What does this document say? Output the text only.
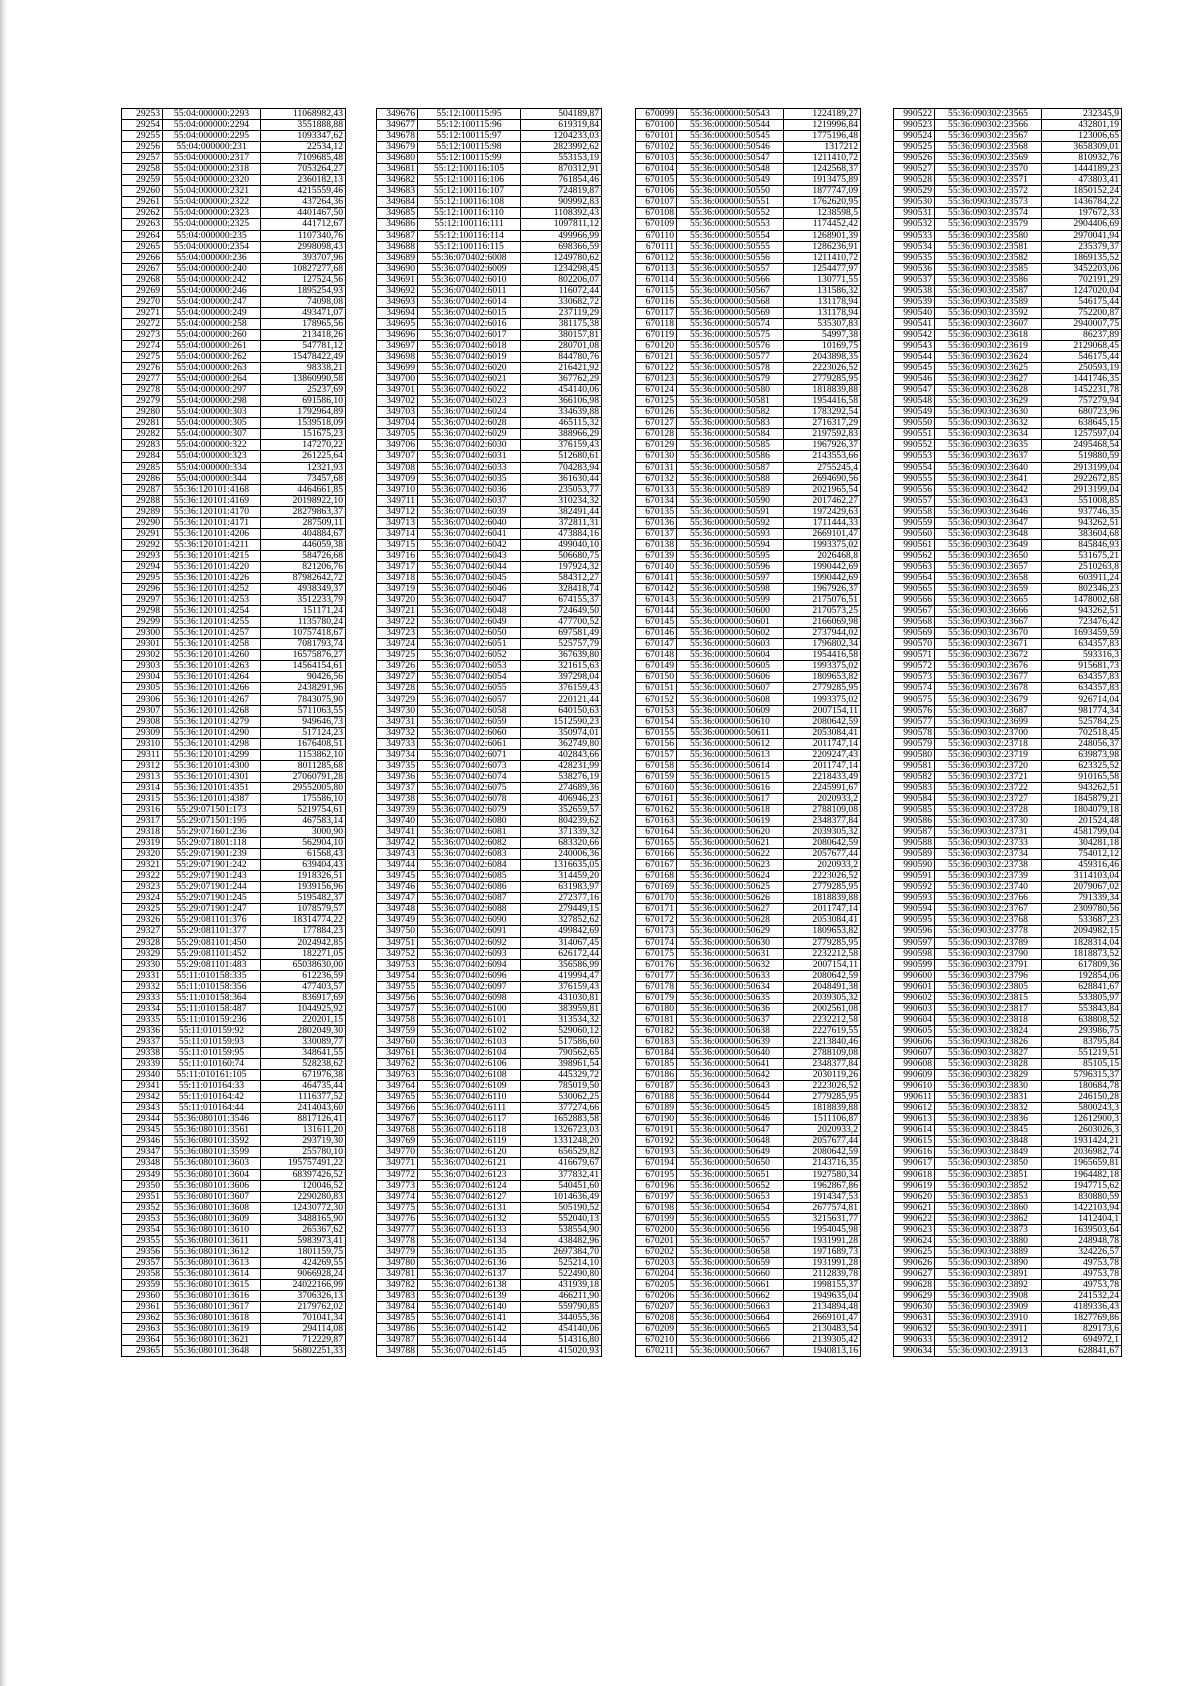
29253	55:04:000000:2293	11068982,43
29254	55:04:000000:2294	3551888,88
29255	55:04:000000:2295	1093347,62
29256	55:04:000000:231	22534,12
29257	55:04:000000:2317	7109685,48
29258	55:04:000000:2318	7053264,27
29259	55:04:000000:2320	2360182,13
29260	55:04:000000:2321	4215559,46
29261	55:04:000000:2322	437264,36
29262	55:04:000000:2323	4401467,50
29263	55:04:000000:2325	441712,67
29264	55:04:000000:235	1107340,76
29265	55:04:000000:2354	2998098,43
29266	55:04:000000:236	393707,96
29267	55:04:000000:240	10827277,68
29268	55:04:000000:242	127524,56
29269	55:04:000000:246	1895254,93
29270	55:04:000000:247	74098,08
29271	55:04:000000:249	493471,07
29272	55:04:000000:258	178965,56
29273	55:04:000000:260	213418,26
29274	55:04:000000:261	547781,12
29275	55:04:000000:262	15478422,49
29276	55:04:000000:263	98338,21
29277	55:04:000000:264	13860990,58
29278	55:04:000000:297	25237,69
29279	55:04:000000:298	691586,10
29280	55:04:000000:303	1792964,89
29281	55:04:000000:305	1539518,09
29282	55:04:000000:307	151675,23
29283	55:04:000000:322	147270,22
29284	55:04:000000:323	261225,64
29285	55:04:000000:334	12321,93
29286	55:04:000000:344	73457,68
29287	55:36:120101:4168	4464661,85
29288	55:36:120101:4169	20198922,10
29289	55:36:120101:4170	28279863,37
29290	55:36:120101:4171	287509,11
29291	55:36:120101:4206	404884,67
29292	55:36:120101:4211	446059,38
29293	55:36:120101:4215	584726,68
29294	55:36:120101:4220	821206,76
29295	55:36:120101:4226	87982642,72
29296	55:36:120101:4252	4938349,37
29297	55:36:120101:4253	3512233,79
29298	55:36:120101:4254	151171,24
29299	55:36:120101:4255	1135780,24
29300	55:36:120101:4257	10757418,67
29301	55:36:120101:4258	7081793,74
29302	55:36:120101:4260	16575876,27
29303	55:36:120101:4263	14564154,61
29304	55:36:120101:4264	90426,56
29305	55:36:120101:4266	2438291,96
29306	55:36:120101:4267	7843075,90
29307	55:36:120101:4268	5711063,55
29308	55:36:120101:4279	949646,73
29309	55:36:120101:4290	517124,23
29310	55:36:120101:4298	1676408,51
29311	55:36:120101:4299	1153862,10
29312	55:36:120101:4300	8011285,68
29313	55:36:120101:4301	27060791,28
29314	55:36:120101:4351	29552005,80
29315	55:36:120101:4387	175586,10
29316	55:29:071501:173	5219754,61
29317	55:29:071501:195	467583,14
29318	55:29:071601:236	3000,90
29319	55:29:071801:118	562904,10
29320	55:29:071901:239	61568,43
29321	55:29:071901:242	639404,43
29322	55:29:071901:243	1918326,51
29323	55:29:071901:244	1939156,96
29324	55:29:071901:245	5195482,37
29325	55:29:071901:247	1078579,57
29326	55:29:081101:376	18314774,22
29327	55:29:081101:377	177884,23
29328	55:29:081101:450	2024942,85
29329	55:29:081101:452	182271,05
29330	55:29:081101:483	65038630,00
29331	55:11:010158:335	612236,59
29332	55:11:010158:356	477403,57
29333	55:11:010158:364	836917,69
29334	55:11:010158:487	1044925,92
29335	55:11:010159:236	220201,15
29336	55:11:010159:92	2802049,30
29337	55:11:010159:93	330089,77
29338	55:11:010159:95	348641,55
29339	55:11:010160:74	528238,62
29340	55:11:010161:105	671976,38
29341	55:11:010164:33	464735,44
29342	55:11:010164:42	1116377,52
29343	55:11:010164:44	2414043,60
29344	55:36:080101:3546	8817126,41
29345	55:36:080101:3561	131611,20
29346	55:36:080101:3592	293719,30
29347	55:36:080101:3599	255780,10
29348	55:36:080101:3603	195757491,22
29349	55:36:080101:3604	68397426,52
29350	55:36:080101:3606	120046,52
29351	55:36:080101:3607	2290280,83
29352	55:36:080101:3608	12430772,30
29353	55:36:080101:3609	3488165,90
29354	55:36:080101:3610	265367,62
29355	55:36:080101:3611	5983973,41
29356	55:36:080101:3612	1801159,75
29357	55:36:080101:3613	424269,55
29358	55:36:080101:3614	9066928,24
29359	55:36:080101:3615	24022166,99
29360	55:36:080101:3616	3706326,13
29361	55:36:080101:3617	2179762,02
29362	55:36:080101:3618	701041,34
29363	55:36:080101:3619	294114,08
29364	55:36:080101:3621	712229,87
29365	55:36:080101:3648	56802251,33
349676	55:12:100115:95	504189,87
349677	55:12:100115:96	619319,84
349678	55:12:100115:97	1204233,03
349679	55:12:100115:98	2823992,62
349680	55:12:100115:99	553153,19
349681	55:12:100116:105	870312,91
349682	55:12:100116:106	761854,46
349683	55:12:100116:107	724819,87
349684	55:12:100116:108	909992,83
349685	55:12:100116:110	1108392,43
349686	55:12:100116:111	1097811,12
349687	55:12:100116:114	499966,99
349688	55:12:100116:115	698366,59
349689	55:36:070402:6008	1249780,62
349690	55:36:070402:6009	1234298,45
349691	55:36:070402:6010	802206,07
349692	55:36:070402:6011	116072,44
349693	55:36:070402:6014	330682,72
349694	55:36:070402:6015	237119,29
349695	55:36:070402:6016	381175,38
349696	55:36:070402:6017	380157,81
349697	55:36:070402:6018	280701,08
349698	55:36:070402:6019	844780,76
349699	55:36:070402:6020	216421,92
349700	55:36:070402:6021	367762,29
349701	55:36:070402:6022	454140,06
349702	55:36:070402:6023	366106,98
349703	55:36:070402:6024	334639,88
349704	55:36:070402:6028	465115,32
349705	55:36:070402:6029	388966,29
349706	55:36:070402:6030	376159,43
349707	55:36:070402:6031	512680,61
349708	55:36:070402:6033	704283,94
349709	55:36:070402:6035	361630,44
349710	55:36:070402:6036	235053,77
349711	55:36:070402:6037	310234,32
349712	55:36:070402:6039	382491,44
349713	55:36:070402:6040	372811,31
349714	55:36:070402:6041	473884,16
349715	55:36:070402:6042	499040,10
349716	55:36:070402:6043	506680,75
349717	55:36:070402:6044	197924,32
349718	55:36:070402:6045	584312,27
349719	55:36:070402:6046	328418,74
349720	55:36:070402:6047	674155,37
349721	55:36:070402:6048	724649,50
349722	55:36:070402:6049	477700,52
349723	55:36:070402:6050	697581,49
349724	55:36:070402:6051	525757,79
349725	55:36:070402:6052	367639,80
349726	55:36:070402:6053	321615,63
349727	55:36:070402:6054	397298,04
349728	55:36:070402:6055	376159,43
349729	55:36:070402:6057	220121,44
349730	55:36:070402:6058	640150,63
349731	55:36:070402:6059	1512590,23
349732	55:36:070402:6060	350974,01
349733	55:36:070402:6061	362749,80
349734	55:36:070402:6071	402843,66
349735	55:36:070402:6073	428231,99
349736	55:36:070402:6074	538276,19
349737	55:36:070402:6075	274689,36
349738	55:36:070402:6078	406946,23
349739	55:36:070402:6079	352659,57
349740	55:36:070402:6080	804239,62
349741	55:36:070402:6081	371339,32
349742	55:36:070402:6082	683320,66
349743	55:36:070402:6083	240006,36
349744	55:36:070402:6084	1316635,05
349745	55:36:070402:6085	314459,20
349746	55:36:070402:6086	631983,97
349747	55:36:070402:6087	272377,16
349748	55:36:070402:6088	279449,15
349749	55:36:070402:6090	327852,62
349750	55:36:070402:6091	499842,69
349751	55:36:070402:6092	314067,45
349752	55:36:070402:6093	626172,44
349753	55:36:070402:6094	356586,99
349754	55:36:070402:6096	419994,47
349755	55:36:070402:6097	376159,43
349756	55:36:070402:6098	431030,81
349757	55:36:070402:6100	383959,81
349758	55:36:070402:6101	313534,32
349759	55:36:070402:6102	529060,12
349760	55:36:070402:6103	517586,60
349761	55:36:070402:6104	790562,65
349762	55:36:070402:6106	398961,54
349763	55:36:070402:6108	445329,72
349764	55:36:070402:6109	785019,50
349765	55:36:070402:6110	530062,25
349766	55:36:070402:6111	377274,66
349767	55:36:070402:6117	1652883,58
349768	55:36:070402:6118	1326723,03
349769	55:36:070402:6119	1331248,20
349770	55:36:070402:6120	656529,82
349771	55:36:070402:6121	416679,67
349772	55:36:070402:6123	377832,41
349773	55:36:070402:6124	540451,60
349774	55:36:070402:6127	1014636,49
349775	55:36:070402:6131	505190,52
349776	55:36:070402:6132	552040,13
349777	55:36:070402:6133	538554,90
349778	55:36:070402:6134	438482,96
349779	55:36:070402:6135	2697384,70
349780	55:36:070402:6136	525214,10
349781	55:36:070402:6137	522490,80
349782	55:36:070402:6138	431939,18
349783	55:36:070402:6139	466211,90
349784	55:36:070402:6140	559790,85
349785	55:36:070402:6141	344055,36
349786	55:36:070402:6142	454140,06
349787	55:36:070402:6144	514316,80
349788	55:36:070402:6145	415020,93
670099	55:36:000000:50543	1224189,27
670100	55:36:000000:50544	1219996,84
670101	55:36:000000:50545	1775196,48
670102	55:36:000000:50546	1317212
670103	55:36:000000:50547	1211410,72
670104	55:36:000000:50548	1242568,37
670105	55:36:000000:50549	1913475,89
670106	55:36:000000:50550	1877747,09
670107	55:36:000000:50551	1762620,95
670108	55:36:000000:50552	1238598,5
670109	55:36:000000:50553	1174452,42
670110	55:36:000000:50554	1268901,39
670111	55:36:000000:50555	1286236,91
670112	55:36:000000:50556	1211410,72
670113	55:36:000000:50557	1254477,97
670114	55:36:000000:50566	130771,55
670115	55:36:000000:50567	131586,32
670116	55:36:000000:50568	131178,94
670117	55:36:000000:50569	131178,94
670118	55:36:000000:50574	535307,83
670119	55:36:000000:50575	54997,38
670120	55:36:000000:50576	10169,75
670121	55:36:000000:50577	2043898,35
670122	55:36:000000:50578	2223026,52
670123	55:36:000000:50579	2779285,95
670124	55:36:000000:50580	1818839,88
670125	55:36:000000:50581	1954416,58
670126	55:36:000000:50582	1783292,54
670127	55:36:000000:50583	2716317,29
670128	55:36:000000:50584	2197592,83
670129	55:36:000000:50585	1967926,37
670130	55:36:000000:50586	2143553,66
670131	55:36:000000:50587	2755245,4
670132	55:36:000000:50588	2694690,56
670133	55:36:000000:50589	2021965,54
670134	55:36:000000:50590	2017462,27
670135	55:36:000000:50591	1972429,63
670136	55:36:000000:50592	1711444,33
670137	55:36:000000:50593	2669101,47
670138	55:36:000000:50594	1993375,02
670139	55:36:000000:50595	2026468,8
670140	55:36:000000:50596	1990442,69
670141	55:36:000000:50597	1990442,69
670142	55:36:000000:50598	1967926,37
670143	55:36:000000:50599	2175076,51
670144	55:36:000000:50600	2170573,25
670145	55:36:000000:50601	2166069,98
670146	55:36:000000:50602	2737944,02
670147	55:36:000000:50603	1796802,34
670148	55:36:000000:50604	1954416,58
670149	55:36:000000:50605	1993375,02
670150	55:36:000000:50606	1809653,82
670151	55:36:000000:50607	2779285,95
670152	55:36:000000:50608	1993375,02
670153	55:36:000000:50609	2007154,11
670154	55:36:000000:50610	2080642,59
670155	55:36:000000:50611	2053084,41
670156	55:36:000000:50612	2011747,14
670157	55:36:000000:50613	2209247,43
670158	55:36:000000:50614	2011747,14
670159	55:36:000000:50615	2218433,49
670160	55:36:000000:50616	2245991,67
670161	55:36:000000:50617	2020933,2
670162	55:36:000000:50618	2788109,08
670163	55:36:000000:50619	2348377,84
670164	55:36:000000:50620	2039305,32
670165	55:36:000000:50621	2080642,59
670166	55:36:000000:50622	2057677,44
670167	55:36:000000:50623	2020933,2
670168	55:36:000000:50624	2223026,52
670169	55:36:000000:50625	2779285,95
670170	55:36:000000:50626	1818839,88
670171	55:36:000000:50627	2011747,14
670172	55:36:000000:50628	2053084,41
670173	55:36:000000:50629	1809653,82
670174	55:36:000000:50630	2779285,95
670175	55:36:000000:50631	2232212,58
670176	55:36:000000:50632	2007154,11
670177	55:36:000000:50633	2080642,59
670178	55:36:000000:50634	2048491,38
670179	55:36:000000:50635	2039305,32
670180	55:36:000000:50636	2002561,08
670181	55:36:000000:50637	2232212,58
670182	55:36:000000:50638	2227619,55
670183	55:36:000000:50639	2213840,46
670184	55:36:000000:50640	2788109,08
670185	55:36:000000:50641	2348377,84
670186	55:36:000000:50642	2030119,26
670187	55:36:000000:50643	2223026,52
670188	55:36:000000:50644	2779285,95
670189	55:36:000000:50645	1818839,88
670190	55:36:000000:50646	1511106,87
670191	55:36:000000:50647	2020933,2
670192	55:36:000000:50648	2057677,44
670193	55:36:000000:50649	2080642,59
670194	55:36:000000:50650	2143716,35
670195	55:36:000000:50651	1927580,34
670196	55:36:000000:50652	1962867,86
670197	55:36:000000:50653	1914347,53
670198	55:36:000000:50654	2677574,81
670199	55:36:000000:50655	3215631,77
670200	55:36:000000:50656	1954045,98
670201	55:36:000000:50657	1931991,28
670202	55:36:000000:50658	1971689,73
670203	55:36:000000:50659	1931991,28
670204	55:36:000000:50660	2112839,78
670205	55:36:000000:50661	1998155,37
670206	55:36:000000:50662	1949635,04
670207	55:36:000000:50663	2134894,48
670208	55:36:000000:50664	2669101,47
670209	55:36:000000:50665	2130483,54
670210	55:36:000000:50666	2139305,42
670211	55:36:000000:50667	1940813,16
990522	55:36:090302:23565	232345,9
990523	55:36:090302:23566	432801,19
990524	55:36:090302:23567	123006,65
990525	55:36:090302:23568	3658309,01
990526	55:36:090302:23569	810932,76
990527	55:36:090302:23570	1444189,23
990528	55:36:090302:23571	473803,41
990529	55:36:090302:23572	1850152,24
990530	55:36:090302:23573	1436784,22
990531	55:36:090302:23574	197672,33
990532	55:36:090302:23579	2904406,69
990533	55:36:090302:23580	2970041,94
990534	55:36:090302:23581	235379,37
990535	55:36:090302:23582	1869135,52
990536	55:36:090302:23585	3452203,06
990537	55:36:090302:23586	702191,29
990538	55:36:090302:23587	1247020,04
990539	55:36:090302:23589	546175,44
990540	55:36:090302:23592	752200,87
990541	55:36:090302:23607	2940007,75
990542	55:36:090302:23618	86237,89
990543	55:36:090302:23619	2129068,45
990544	55:36:090302:23624	546175,44
990545	55:36:090302:23625	250593,19
990546	55:36:090302:23627	1441746,35
990547	55:36:090302:23628	1452231,78
990548	55:36:090302:23629	757279,94
990549	55:36:090302:23630	680723,96
990550	55:36:090302:23632	638645,15
990551	55:36:090302:23634	1257597,04
990552	55:36:090302:23635	2495468,54
990553	55:36:090302:23637	519880,59
990554	55:36:090302:23640	2913199,04
990555	55:36:090302:23641	2922672,85
990556	55:36:090302:23642	2913199,04
990557	55:36:090302:23643	551008,85
990558	55:36:090302:23646	937746,35
990559	55:36:090302:23647	943262,51
990560	55:36:090302:23648	383604,68
990561	55:36:090302:23649	845846,93
990562	55:36:090302:23650	531675,21
990563	55:36:090302:23657	2510263,8
990564	55:36:090302:23658	603911,24
990565	55:36:090302:23659	802346,23
990566	55:36:090302:23665	1478002,68
990567	55:36:090302:23666	943262,51
990568	55:36:090302:23667	723476,42
990569	55:36:090302:23670	1693459,59
990570	55:36:090302:23671	634357,83
990571	55:36:090302:23672	593316,3
990572	55:36:090302:23676	915681,73
990573	55:36:090302:23677	634357,83
990574	55:36:090302:23678	634357,83
990575	55:36:090302:23679	926714,04
990576	55:36:090302:23687	981774,34
990577	55:36:090302:23699	525784,25
990578	55:36:090302:23700	702518,45
990579	55:36:090302:23718	248056,37
990580	55:36:090302:23719	639873,98
990581	55:36:090302:23720	623325,52
990582	55:36:090302:23721	910165,58
990583	55:36:090302:23722	943262,51
990584	55:36:090302:23727	1845879,21
990585	55:36:090302:23728	1804079,18
990586	55:36:090302:23730	201524,48
990587	55:36:090302:23731	4581799,04
990588	55:36:090302:23733	304281,18
990589	55:36:090302:23734	754012,12
990590	55:36:090302:23738	459316,46
990591	55:36:090302:23739	3114103,04
990592	55:36:090302:23740	2079067,02
990593	55:36:090302:23766	791339,34
990594	55:36:090302:23767	2309780,56
990595	55:36:090302:23768	533687,23
990596	55:36:090302:23778	2094982,15
990597	55:36:090302:23789	1828314,04
990598	55:36:090302:23790	1818873,52
990599	55:36:090302:23791	617809,36
990600	55:36:090302:23796	192854,06
990601	55:36:090302:23805	628841,67
990602	55:36:090302:23815	533805,97
990603	55:36:090302:23817	553843,84
990604	55:36:090302:23818	638808,52
990605	55:36:090302:23824	293986,75
990606	55:36:090302:23826	83795,84
990607	55:36:090302:23827	551219,51
990608	55:36:090302:23828	85105,15
990609	55:36:090302:23829	5796315,37
990610	55:36:090302:23830	180684,78
990611	55:36:090302:23831	246150,28
990612	55:36:090302:23832	5800243,3
990613	55:36:090302:23836	12612900,3
990614	55:36:090302:23845	2603026,3
990615	55:36:090302:23848	1931424,21
990616	55:36:090302:23849	2036982,74
990617	55:36:090302:23850	1965659,81
990618	55:36:090302:23851	1964482,18
990619	55:36:090302:23852	1947715,62
990620	55:36:090302:23853	830880,59
990621	55:36:090302:23860	1422103,94
990622	55:36:090302:23862	1412404,1
990623	55:36:090302:23873	1639503,64
990624	55:36:090302:23880	248948,78
990625	55:36:090302:23889	324226,57
990626	55:36:090302:23890	49753,78
990627	55:36:090302:23891	49753,78
990628	55:36:090302:23892	49753,78
990629	55:36:090302:23908	241532,24
990630	55:36:090302:23909	4189336,43
990631	55:36:090302:23910	1827769,86
990632	55:36:090302:23911	829173,6
990633	55:36:090302:23912	694972,1
990634	55:36:090302:23913	628841,67
